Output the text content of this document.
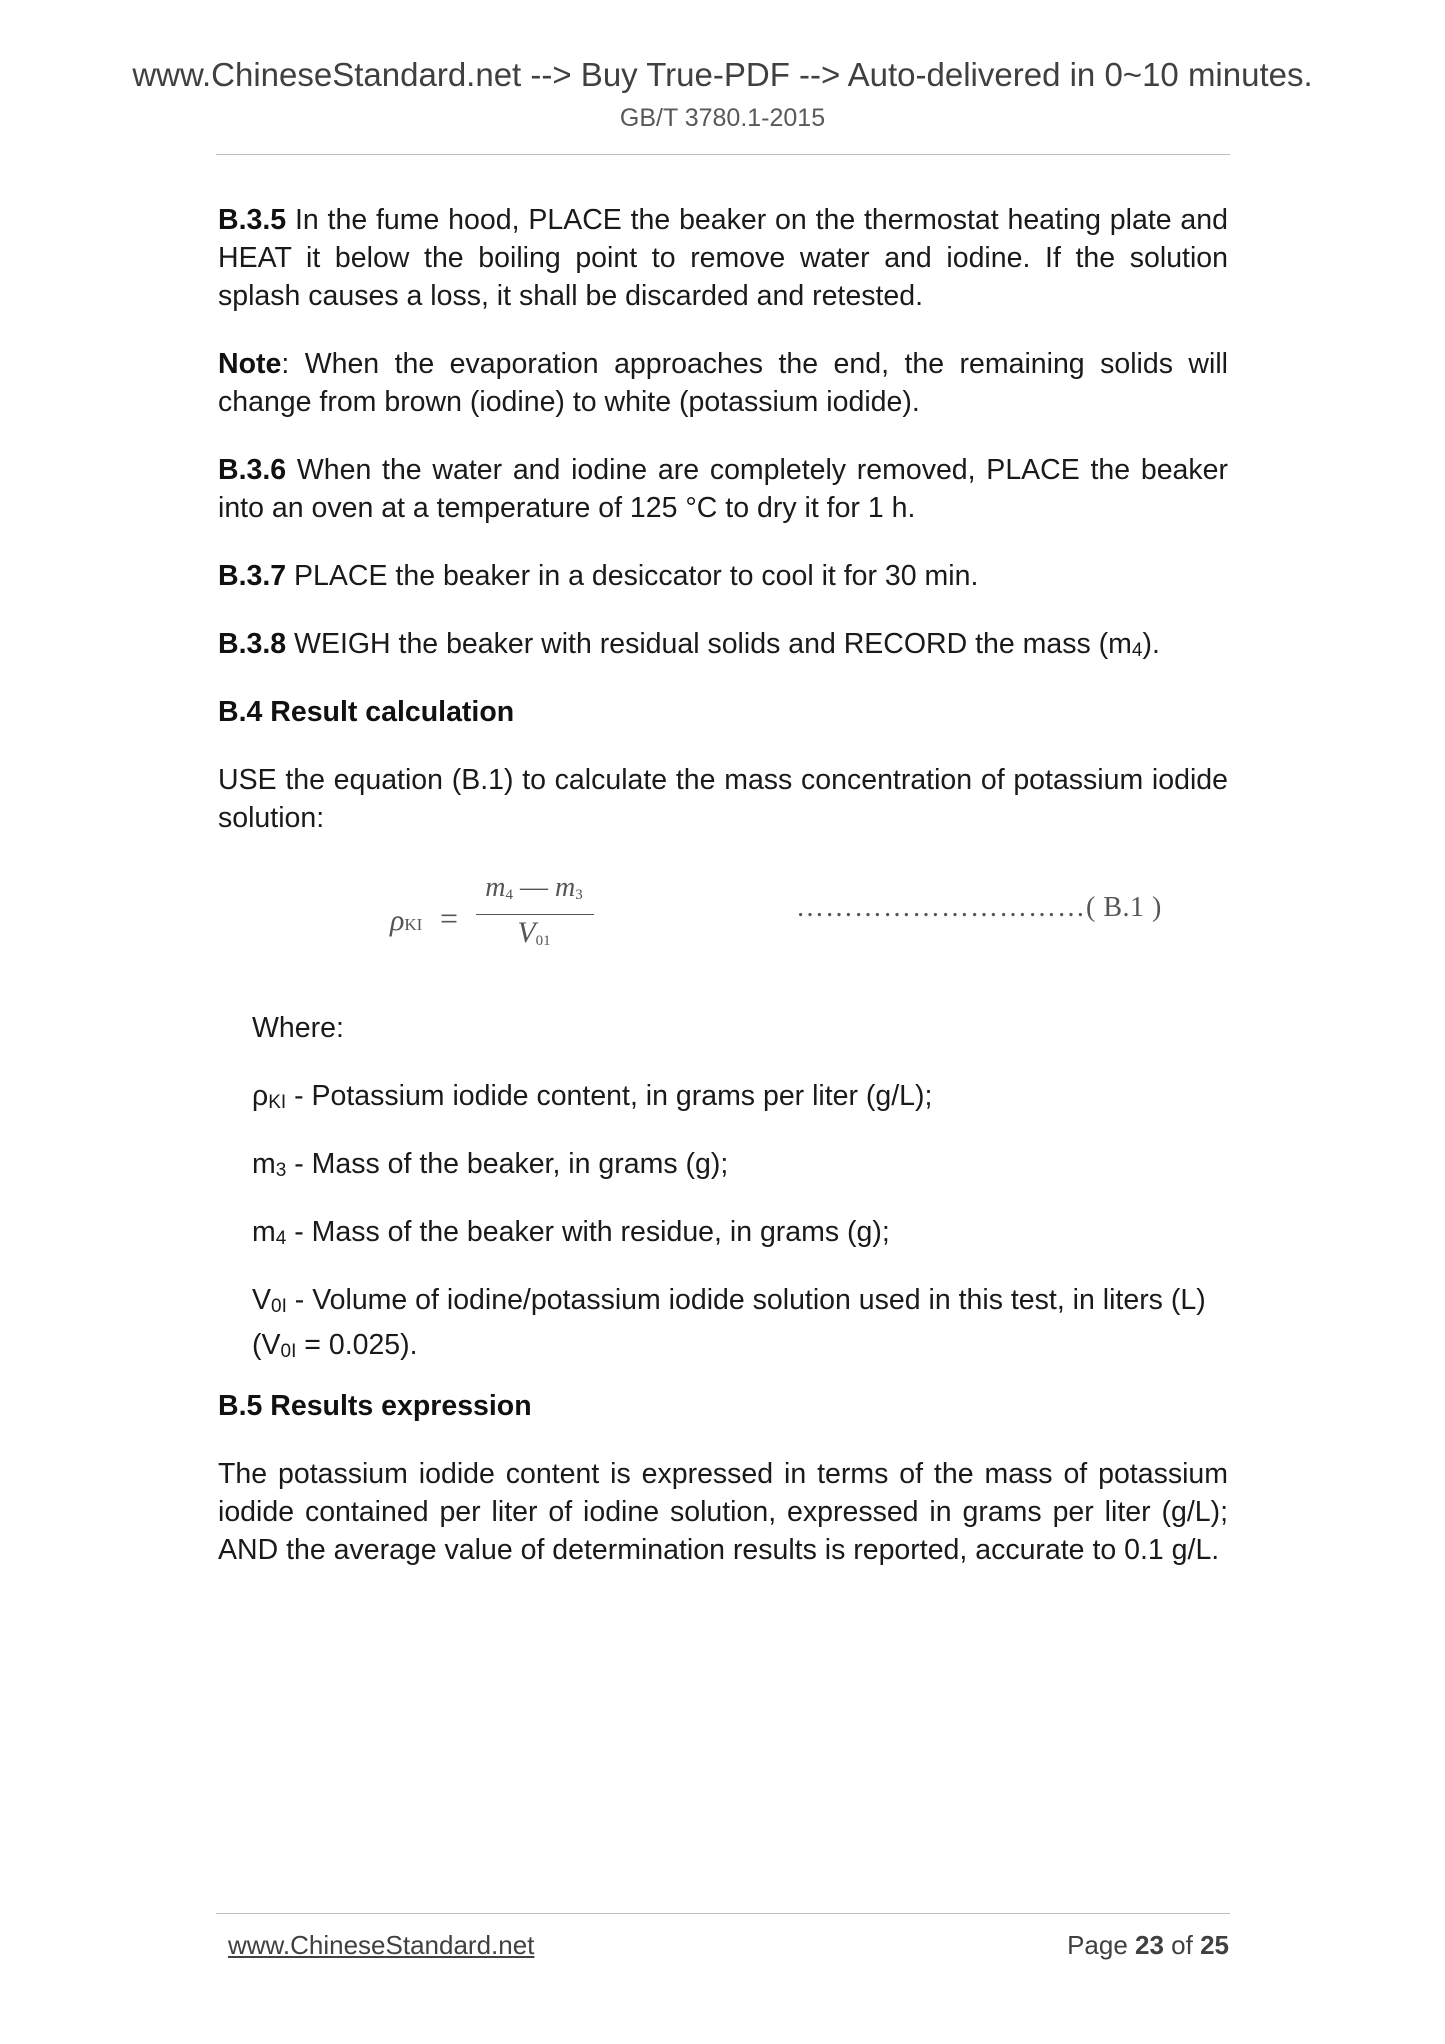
www.ChineseStandard.net --> Buy True-PDF --> Auto-delivered in 0~10 minutes.
GB/T 3780.1-2015
B.3.5 In the fume hood, PLACE the beaker on the thermostat heating plate and HEAT it below the boiling point to remove water and iodine. If the solution splash causes a loss, it shall be discarded and retested.
Note: When the evaporation approaches the end, the remaining solids will change from brown (iodine) to white (potassium iodide).
B.3.6 When the water and iodine are completely removed, PLACE the beaker into an oven at a temperature of 125 °C to dry it for 1 h.
B.3.7 PLACE the beaker in a desiccator to cool it for 30 min.
B.3.8 WEIGH the beaker with residual solids and RECORD the mass $(m_4)$.
B.4 Result calculation
USE the equation (B.1) to calculate the mass concentration of potassium iodide solution:
ρKI =
$m_4$ — $m_3$
$V_{01}$
…………………………( B.1 )
Where:
$\rho_{KI}$ - Potassium iodide content, in grams per liter (g/L);
$m_3$ - Mass of the beaker, in grams (g);
$m_4$ - Mass of the beaker with residue, in grams (g);
$V_{0I}$ - Volume of iodine/potassium iodide solution used in this test, in liters (L)
$(V_{0I} = 0.025)$.
B.5 Results expression
The potassium iodide content is expressed in terms of the mass of potassium iodide contained per liter of iodine solution, expressed in grams per liter (g/L); AND the average value of determination results is reported, accurate to 0.1 g/L.
www.ChineseStandard.net	Page 23 of 25
